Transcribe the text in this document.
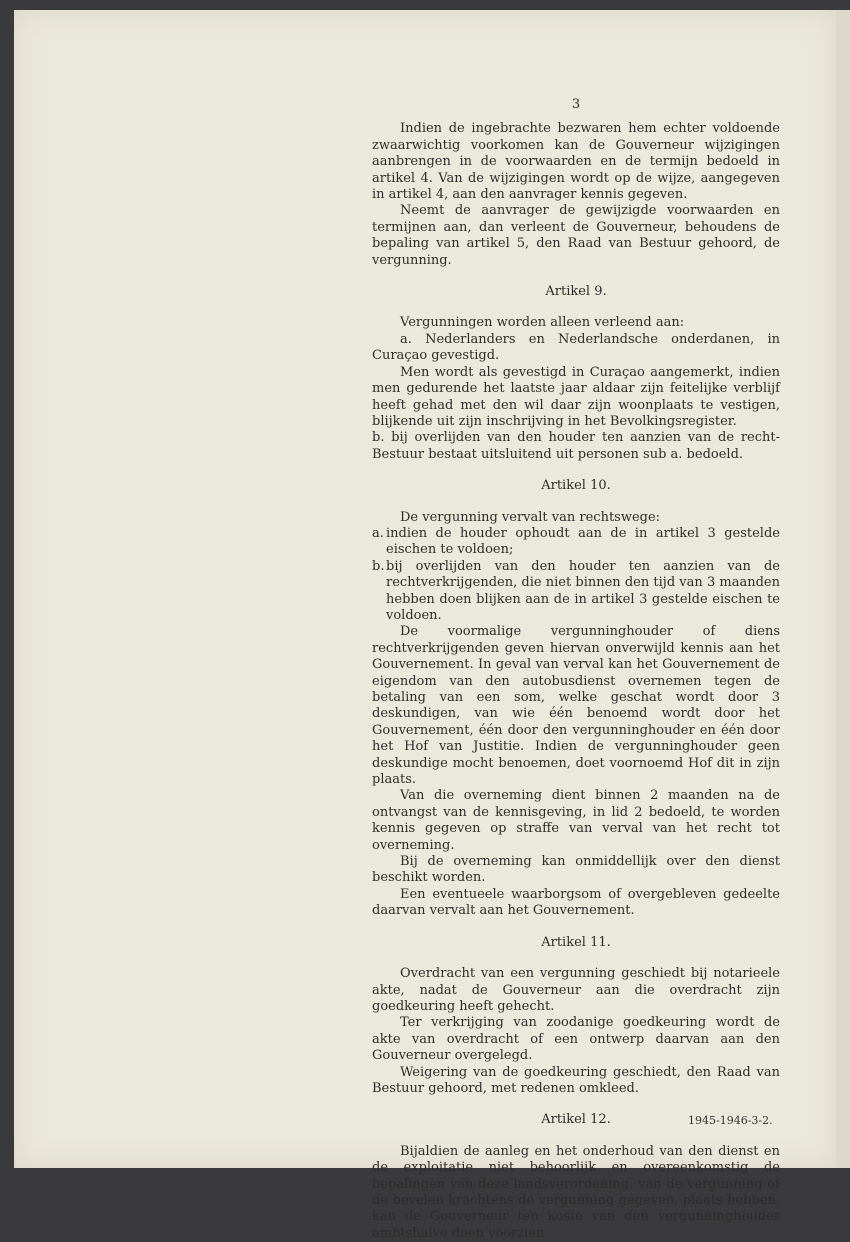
3

Indien de ingebrachte bezwaren hem echter voldoende zwaarwichtig voorkomen kan de Gouverneur wijzigingen aanbrengen in de voorwaarden en de termijn bedoeld in artikel 4. Van de wijzigingen wordt op de wijze, aangegeven in artikel 4, aan den aanvrager kennis gegeven.

Neemt de aanvrager de gewijzigde voorwaarden en termijnen aan, dan verleent de Gouverneur, behoudens de bepaling van artikel 5, den Raad van Bestuur gehoord, de vergunning.

Artikel 9.

Vergunningen worden alleen verleend aan:

a. Nederlanders en Nederlandsche onderdanen, in Curaçao gevestigd.

Men wordt als gevestigd in Curaçao aangemerkt, indien men gedurende het laatste jaar aldaar zijn feitelijke verblijf heeft gehad met den wil daar zijn woonplaats te vestigen, blijkende uit zijn inschrijving in het Bevolkingsregister.

b. bij overlijden van den houder ten aanzien van de recht-Bestuur bestaat uitsluitend uit personen sub a. bedoeld.

Artikel 10.

De vergunning vervalt van rechtswege:

a. indien de houder ophoudt aan de in artikel 3 gestelde eischen te voldoen;

b. bij overlijden van den houder ten aanzien van de rechtverkrijgenden, die niet binnen den tijd van 3 maanden hebben doen blijken aan de in artikel 3 gestelde eischen te voldoen.

De voormalige vergunninghouder of diens rechtverkrijgenden geven hiervan onverwijld kennis aan het Gouvernement. In geval van verval kan het Gouvernement de eigendom van den autobusdienst overnemen tegen de betaling van een som, welke geschat wordt door 3 deskundigen, van wie één benoemd wordt door het Gouvernement, één door den vergunninghouder en één door het Hof van Justitie. Indien de vergunninghouder geen deskundige mocht benoemen, doet voornoemd Hof dit in zijn plaats.

Van die overneming dient binnen 2 maanden na de ontvangst van de kennisgeving, in lid 2 bedoeld, te worden kennis gegeven op straffe van verval van het recht tot overneming.

Bij de overneming kan onmiddellijk over den dienst beschikt worden.

Een eventueele waarborgsom of overgebleven gedeelte daarvan vervalt aan het Gouvernement.

Artikel 11.

Overdracht van een vergunning geschiedt bij notarieele akte, nadat de Gouverneur aan die overdracht zijn goedkeuring heeft gehecht.

Ter verkrijging van zoodanige goedkeuring wordt de akte van overdracht of een ontwerp daarvan aan den Gouverneur overgelegd.

Weigering van de goedkeuring geschiedt, den Raad van Bestuur gehoord, met redenen omkleed.

Artikel 12.

Bijaldien de aanleg en het onderhoud van den dienst en de exploitatie niet behoorlijk en overeenkomstig de bepalingen van deze landsverordening, van de vergunning of de bevelen krachtens de vergunning gegeven, plaats hebben, kan de Gouverneur ten koste van den vergunninghouder ambtshalve doen voorzien

1945-1946-3-2.
